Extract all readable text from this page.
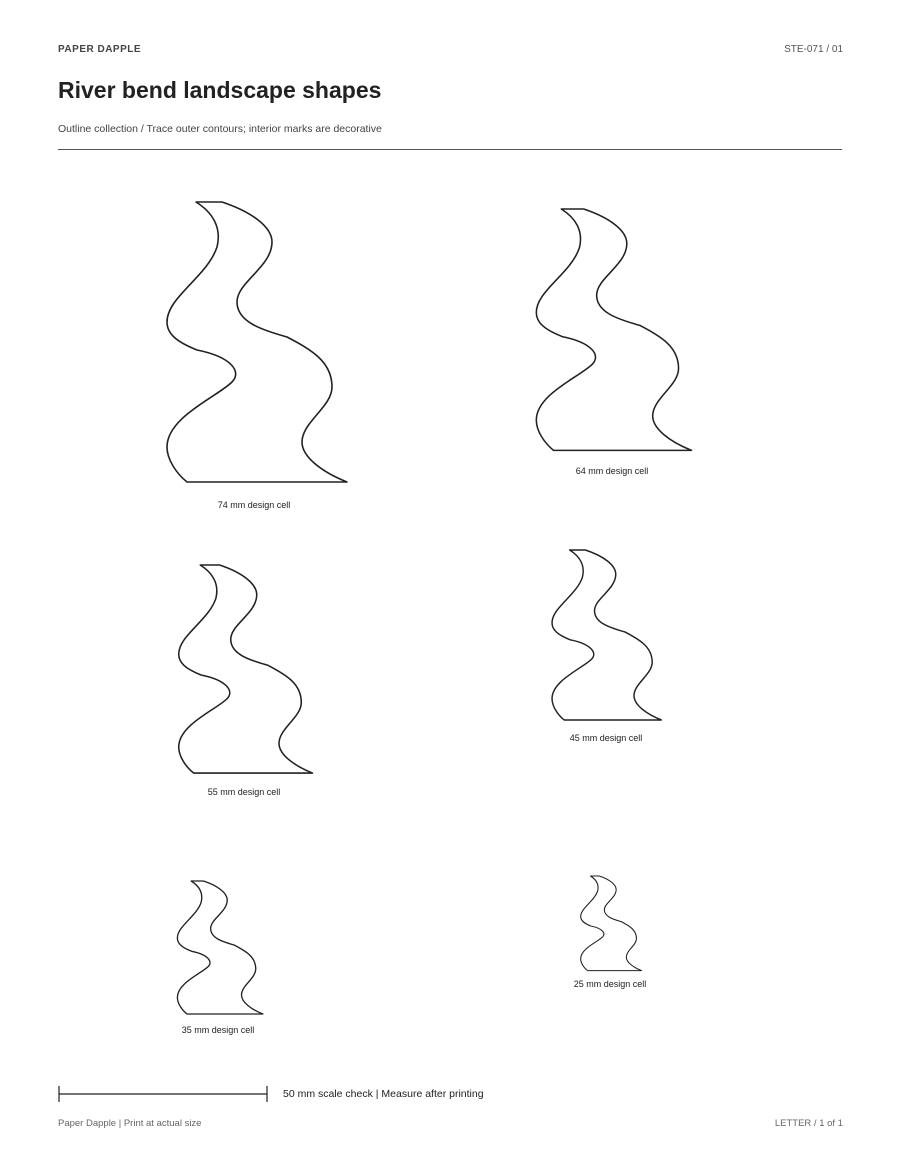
PAPER DAPPLE	STE-071 / 01
River bend landscape shapes
Outline collection / Trace outer contours; interior marks are decorative
74 mm design cell
64 mm design cell
55 mm design cell
45 mm design cell
35 mm design cell
25 mm design cell
50 mm scale check | Measure after printing
Paper Dapple | Print at actual size	LETTER / 1 of 1
